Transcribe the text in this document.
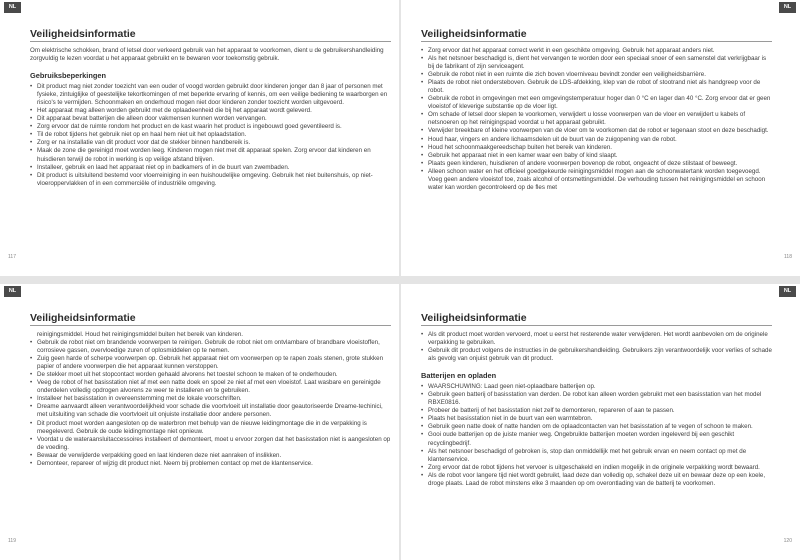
NL
Veiligheidsinformatie

Om elektrische schokken, brand of letsel door verkeerd gebruik van het apparaat te voorkomen, dient u de gebruikershandleiding zorgvuldig te lezen voordat u het apparaat gebruikt en te bewaren voor toekomstig gebruik.

Gebruiksbeperkingen
• Dit product mag niet zonder toezicht van een ouder of voogd worden gebruikt door kinderen jonger dan 8 jaar of personen met fysieke, zintuiglijke of geestelijke tekortkomingen of met beperkte ervaring of kennis, om een veilige bediening te waarborgen en risico's te vermijden. Schoonmaken en onderhoud mogen niet door kinderen zonder toezicht worden uitgevoerd.
• Het apparaat mag alleen worden gebruikt met de oplaadeenheid die bij het apparaat wordt geleverd.
• Dit apparaat bevat batterijen die alleen door vakmensen kunnen worden vervangen.
• Zorg ervoor dat de ruimte rondom het product en de kast waarin het product is ingebouwd goed geventileerd is.
• Til de robot tijdens het gebruik niet op en haal hem niet uit het oplaadstation.
• Zorg er na installatie van dit product voor dat de stekker binnen handbereik is.
• Maak de zone die gereinigd moet worden leeg. Kinderen mogen niet met dit apparaat spelen. Zorg ervoor dat kinderen en huisdieren terwijl de robot in werking is op veilige afstand blijven.
• Installeer, gebruik en laad het apparaat niet op in badkamers of in de buurt van zwembaden.
• Dit product is uitsluitend bestemd voor vloerreiniging in een huishoudelijke omgeving. Gebruik het niet buitenshuis, op niet-vloeroppervlakken of in een commerciële of industriële omgeving.
117
NL
Veiligheidsinformatie
• Zorg ervoor dat het apparaat correct werkt in een geschikte omgeving. Gebruik het apparaat anders niet.
• Als het netsnoer beschadigd is, dient het vervangen te worden door een speciaal snoer of een samenstel dat verkrijgbaar is bij de fabrikant of zijn serviceagent.
• Gebruik de robot niet in een ruimte die zich boven vloerniveau bevindt zonder een veiligheidsbarrière.
• Plaats de robot niet ondersteboven. Gebruik de LDS-afdekking, klep van de robot of stootrand niet als handgreep voor de robot.
• Gebruik de robot in omgevingen met een omgevingstemperatuur hoger dan 0 °C en lager dan 40 °C. Zorg ervoor dat er geen vloeistof of kleverige substantie op de vloer ligt.
• Om schade of letsel door slepen te voorkomen, verwijdert u losse voorwerpen van de vloer en verwijdert u kabels of netsnoeren op het reinigingspad voordat u het apparaat gebruikt.
• Verwijder breekbare of kleine voorwerpen van de vloer om te voorkomen dat de robot er tegenaan stoot en deze beschadigt.
• Houd haar, vingers en andere lichaamsdelen uit de buurt van de zuigopening van de robot.
• Houd het schoonmaakgereedschap buiten het bereik van kinderen.
• Gebruik het apparaat niet in een kamer waar een baby of kind slaapt.
• Plaats geen kinderen, huisdieren of andere voorwerpen bovenop de robot, ongeacht of deze stilstaat of beweegt.
• Alleen schoon water en het officieel goedgekeurde reinigingsmiddel mogen aan de schoonwatertank worden toegevoegd. Voeg geen andere vloeistof toe, zoals alcohol of ontsmettingsmiddel. De verhouding tussen het reinigingsmiddel en schoon water kan worden gecontroleerd op de fles met
118
NL
Veiligheidsinformatie
reinigingsmiddel. Houd het reinigingsmiddel buiten het bereik van kinderen.
• Gebruik de robot niet om brandende voorwerpen te reinigen. Gebruik de robot niet om ontvlambare of brandbare vloeistoffen, corrosieve gassen, overvloedige zuren of oplosmiddelen op te nemen.
• Zuig geen harde of scherpe voorwerpen op. Gebruik het apparaat niet om voorwerpen op te rapen zoals stenen, grote stukken papier of andere voorwerpen die het apparaat kunnen verstoppen.
• De stekker moet uit het stopcontact worden gehaald alvorens het toestel schoon te maken of te onderhouden.
• Veeg de robot of het basisstation niet af met een natte doek en spoel ze niet af met een vloeistof. Laat wasbare en gereinigde onderdelen volledig opdrogen alvorens ze weer te installeren en te gebruiken.
• Installeer het basisstation in overeenstemming met de lokale voorschriften.
• Dreame aanvaardt alleen verantwoordelijkheid voor schade die voortvloeit uit installatie door geautoriseerde Dreame-techinici, met uitsluiting van schade die voortvloeit uit onjuiste installatie door andere personen.
• Dit product moet worden aangesloten op de waterbron met behulp van de nieuwe leidingmontage die in de verpakking is meegeleverd. Gebruik de oude leidingmontage niet opnieuw.
• Voordat u de wateraansluitaccessoires installeert of demonteert, moet u ervoor zorgen dat het basisstation niet is aangesloten op de voeding.
• Bewaar de verwijderde verpakking goed en laat kinderen deze niet aanraken of inslikken.
• Demonteer, repareer of wijzig dit product niet. Neem bij problemen contact op met de klantenservice.
119
NL
Veiligheidsinformatie
• Als dit product moet worden vervoerd, moet u eerst het resterende water verwijderen. Het wordt aanbevolen om de originele verpakking te gebruiken.
• Gebruik dit product volgens de instructies in de gebruikershandleiding. Gebruikers zijn verantwoordelijk voor verlies of schade als gevolg van onjuist gebruik van dit product.
Batterijen en opladen
• WAARSCHUWING: Laad geen niet-oplaadbare batterijen op.
• Gebruik geen batterij of basisstation van derden. De robot kan alleen worden gebruikt met een basisstation van het model RBXE0816.
• Probeer de batterij of het basisstation niet zelf te demonteren, repareren of aan te passen.
• Plaats het basisstation niet in de buurt van een warmtebron.
• Gebruik geen natte doek of natte handen om de oplaadcontacten van het basisstation af te vegen of schoon te maken.
• Gooi oude batterijen op de juiste manier weg. Ongebruikte batterijen moeten worden ingeleverd bij een geschikt recyclingbedrijf.
• Als het netsnoer beschadigd of gebroken is, stop dan onmiddellijk met het gebruik ervan en neem contact op met de klantenservice.
• Zorg ervoor dat de robot tijdens het vervoer is uitgeschakeld en indien mogelijk in de originele verpakking wordt bewaard.
• Als de robot voor langere tijd niet wordt gebruikt, laad deze dan volledig op, schakel deze uit en bewaar deze op een koele, droge plaats. Laad de robot minstens elke 3 maanden op om overontlading van de batterij te voorkomen.
120
